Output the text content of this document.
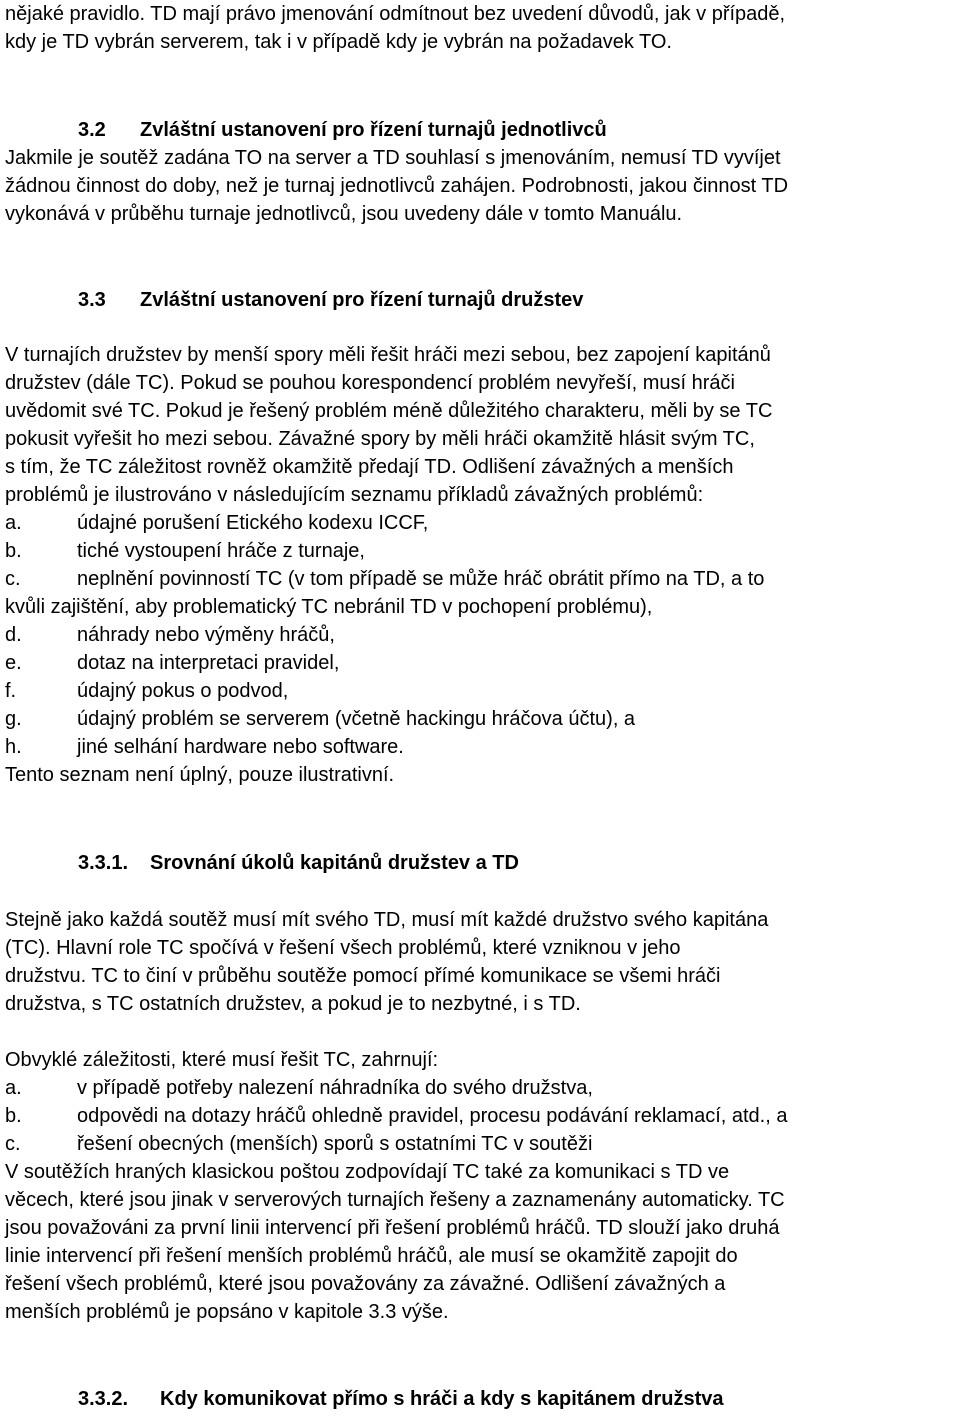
nějaké pravidlo. TD mají právo jmenování odmítnout bez uvedení důvodů, jak v případě,
kdy je TD vybrán serverem, tak i v případě kdy je vybrán na požadavek TO.
3.2 Zvláštní ustanovení pro řízení turnajů jednotlivců
Jakmile je soutěž zadána TO na server a TD souhlasí s jmenováním, nemusí TD vyvíjet
žádnou činnost do doby, než je turnaj jednotlivců zahájen. Podrobnosti, jakou činnost TD
vykonává v průběhu turnaje jednotlivců, jsou uvedeny dále v tomto Manuálu.
3.3 Zvláštní ustanovení pro řízení turnajů družstev
V turnajích družstev by menší spory měli řešit hráči mezi sebou, bez zapojení kapitánů
družstev (dále TC). Pokud se pouhou korespondencí problém nevyřeší, musí hráči
uvědomit své TC. Pokud je řešený problém méně důležitého charakteru, měli by se TC
pokusit vyřešit ho mezi sebou. Závažné spory by měli hráči okamžitě hlásit svým TC,
s tím, že TC záležitost rovněž okamžitě předají TD. Odlišení závažných a menších
problémů je ilustrováno v následujícím seznamu příkladů závažných problémů:
a.	údajné porušení Etického kodexu ICCF,
b.	tiché vystoupení hráče z turnaje,
c.	neplnění povinností TC (v tom případě se může hráč obrátit přímo na TD, a to
kvůli zajištění, aby problematický TC nebránil TD v pochopení problému),
d.	náhrady nebo výměny hráčů,
e.	dotaz na interpretaci pravidel,
f.	údajný pokus o podvod,
g.	údajný problém se serverem (včetně hackingu hráčova účtu), a
h.	jiné selhání hardware nebo software.
Tento seznam není úplný, pouze ilustrativní.
3.3.1. Srovnání úkolů kapitánů družstev a TD
Stejně jako každá soutěž musí mít svého TD, musí mít každé družstvo svého kapitána
(TC). Hlavní role TC spočívá v řešení všech problémů, které vzniknou v jeho
družstvu. TC to činí v průběhu soutěže pomocí přímé komunikace se všemi hráči
družstva, s TC ostatních družstev, a pokud je to nezbytné, i s TD.
Obvyklé záležitosti, které musí řešit TC, zahrnují:
a.	v případě potřeby nalezení náhradníka do svého družstva,
b.	odpovědi na dotazy hráčů ohledně pravidel, procesu podávání reklamací, atd., a
c.	řešení obecných (menších) sporů s ostatními TC v soutěži
V soutěžích hraných klasickou poštou zodpovídají TC také za komunikaci s TD ve
věcech, které jsou jinak v serverových turnajích řešeny a zaznamenány automaticky. TC
jsou považováni za první linii intervencí při řešení problémů hráčů. TD slouží jako druhá
linie intervencí při řešení menších problémů hráčů, ale musí se okamžitě zapojit do
řešení všech problémů, které jsou považovány za závažné. Odlišení závažných a
menších problémů je popsáno v kapitole 3.3 výše.
3.3.2. Kdy komunikovat přímo s hráči a kdy s kapitánem družstva
